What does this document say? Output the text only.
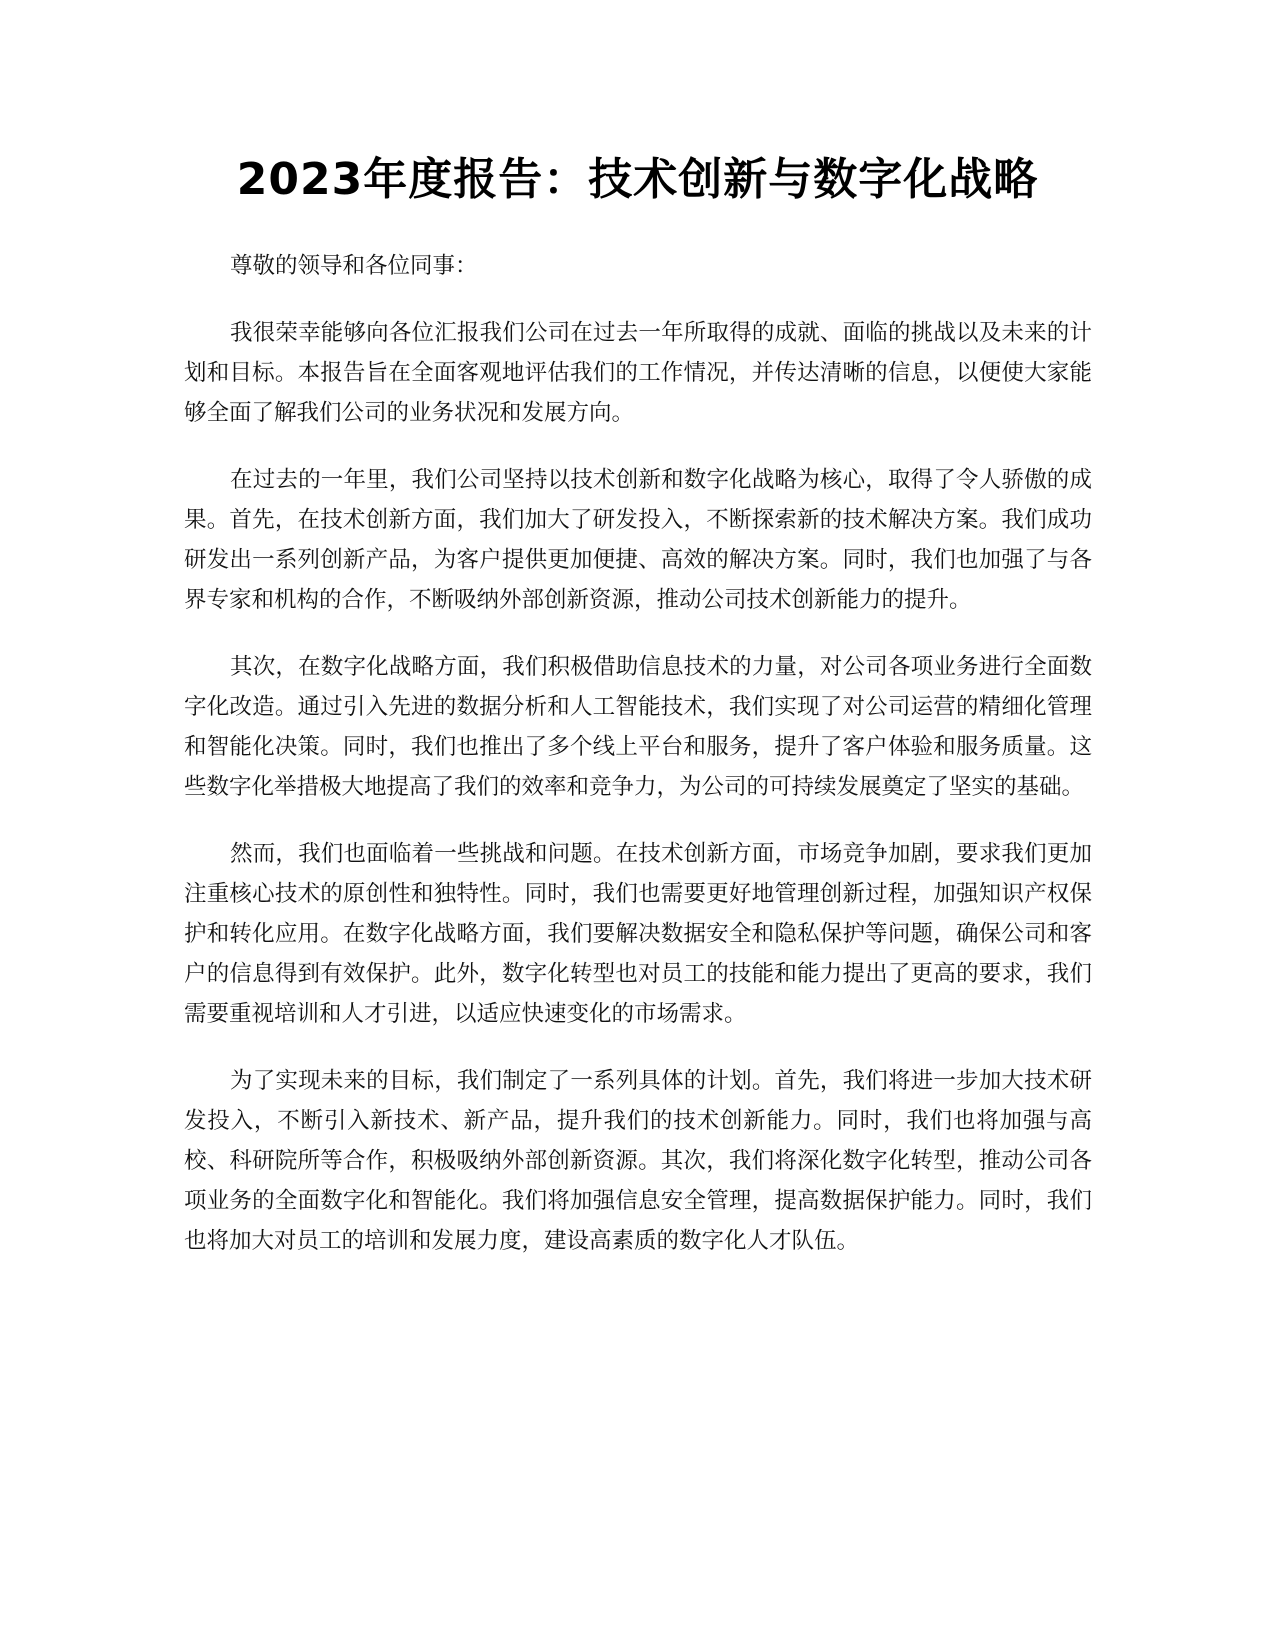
2023年度报告：技术创新与数字化战略

尊敬的领导和各位同事：

我很荣幸能够向各位汇报我们公司在过去一年所取得的成就、面临的挑战以及未来的计划和目标。本报告旨在全面客观地评估我们的工作情况，并传达清晰的信息，以便使大家能够全面了解我们公司的业务状况和发展方向。

在过去的一年里，我们公司坚持以技术创新和数字化战略为核心，取得了令人骄傲的成果。首先，在技术创新方面，我们加大了研发投入，不断探索新的技术解决方案。我们成功研发出一系列创新产品，为客户提供更加便捷、高效的解决方案。同时，我们也加强了与各界专家和机构的合作，不断吸纳外部创新资源，推动公司技术创新能力的提升。

其次，在数字化战略方面，我们积极借助信息技术的力量，对公司各项业务进行全面数字化改造。通过引入先进的数据分析和人工智能技术，我们实现了对公司运营的精细化管理和智能化决策。同时，我们也推出了多个线上平台和服务，提升了客户体验和服务质量。这些数字化举措极大地提高了我们的效率和竞争力，为公司的可持续发展奠定了坚实的基础。

然而，我们也面临着一些挑战和问题。在技术创新方面，市场竞争加剧，要求我们更加注重核心技术的原创性和独特性。同时，我们也需要更好地管理创新过程，加强知识产权保护和转化应用。在数字化战略方面，我们要解决数据安全和隐私保护等问题，确保公司和客户的信息得到有效保护。此外，数字化转型也对员工的技能和能力提出了更高的要求，我们需要重视培训和人才引进，以适应快速变化的市场需求。

为了实现未来的目标，我们制定了一系列具体的计划。首先，我们将进一步加大技术研发投入，不断引入新技术、新产品，提升我们的技术创新能力。同时，我们也将加强与高校、科研院所等合作，积极吸纳外部创新资源。其次，我们将深化数字化转型，推动公司各项业务的全面数字化和智能化。我们将加强信息安全管理，提高数据保护能力。同时，我们也将加大对员工的培训和发展力度，建设高素质的数字化人才队伍。
